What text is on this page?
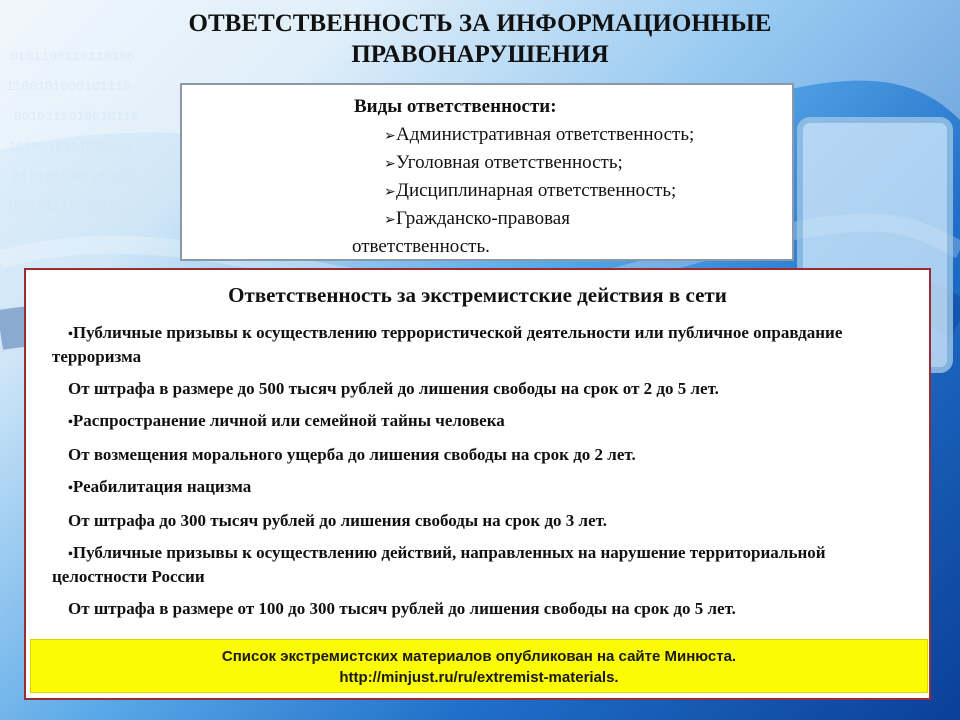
0101100110110100
1100101000101110
0010111010010110
1010010111010011
0110101001101010
1001011100101101
ОТВЕТСТВЕННОСТЬ ЗА ИНФОРМАЦИОННЫЕ
ПРАВОНАРУШЕНИЯ
Виды ответственности:
➢Административная ответственность;
➢Уголовная ответственность;
➢Дисциплинарная ответственность;
➢Гражданско-правовая
ответственность.
Ответственность за экстремистские действия в сети
•Публичные призывы к осуществлению террористической деятельности или публичное оправдание терроризма
От штрафа в размере до 500 тысяч рублей до лишения свободы на срок от 2 до 5 лет.
•Распространение личной или семейной тайны человека
От возмещения морального ущерба до лишения свободы на срок до 2 лет.
•Реабилитация нацизма
От штрафа до 300 тысяч рублей до лишения свободы на срок до 3 лет.
•Публичные призывы к осуществлению действий, направленных на нарушение территориальной целостности России
От штрафа в размере от 100 до 300 тысяч рублей до лишения свободы на срок до 5 лет.
Список экстремистских материалов опубликован на сайте Минюста.
http://minjust.ru/ru/extremist-materials.
